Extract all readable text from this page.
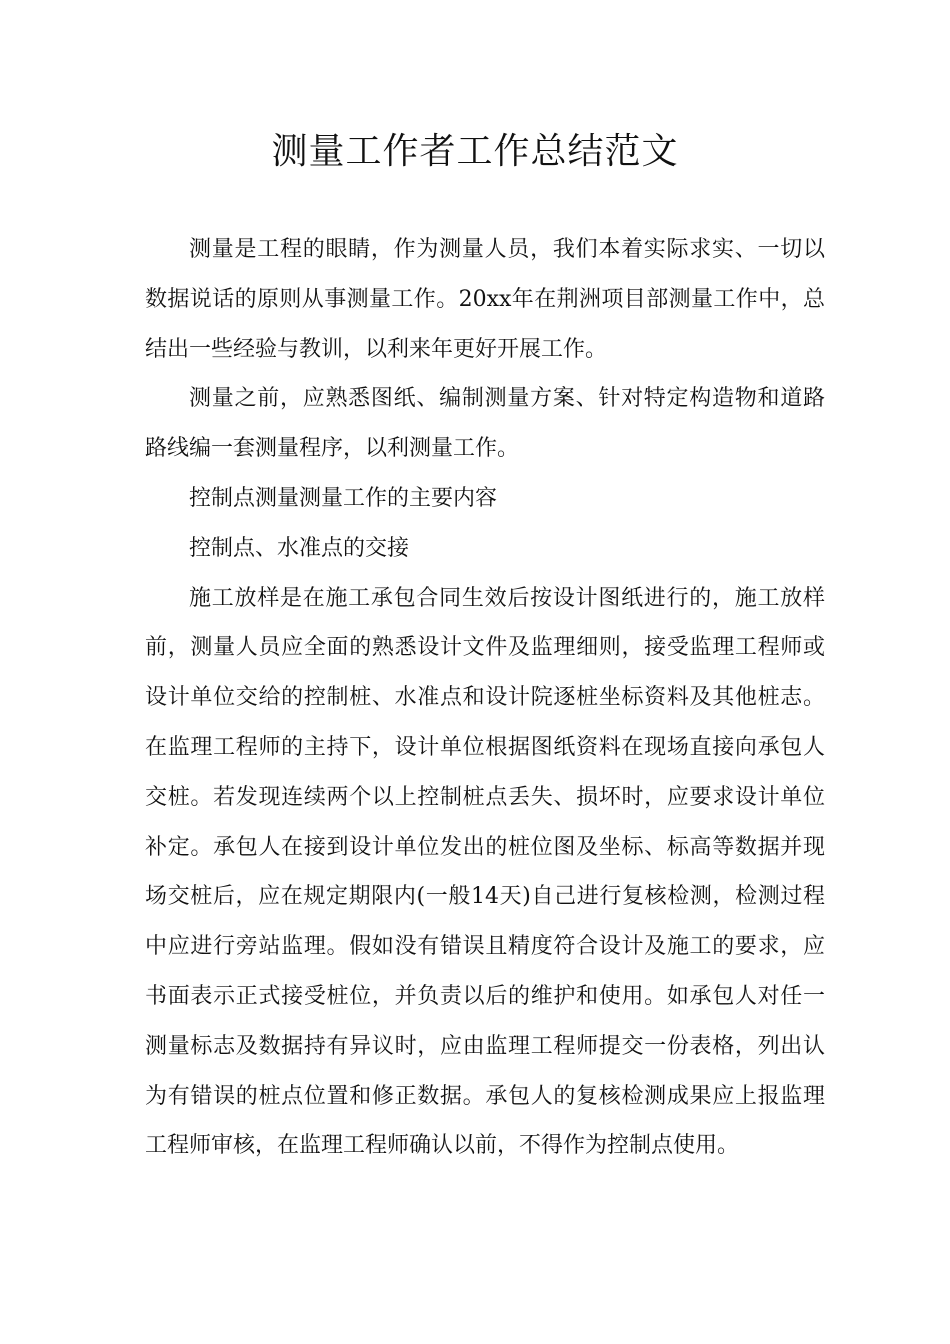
测量工作者工作总结范文

测量是工程的眼睛，作为测量人员，我们本着实际求实、一切以数据说话的原则从事测量工作。20xx年在荆洲项目部测量工作中，总结出一些经验与教训，以利来年更好开展工作。

测量之前，应熟悉图纸、编制测量方案、针对特定构造物和道路路线编一套测量程序，以利测量工作。

控制点测量测量工作的主要内容

控制点、水准点的交接

施工放样是在施工承包合同生效后按设计图纸进行的，施工放样前，测量人员应全面的熟悉设计文件及监理细则，接受监理工程师或设计单位交给的控制桩、水准点和设计院逐桩坐标资料及其他桩志。在监理工程师的主持下，设计单位根据图纸资料在现场直接向承包人交桩。若发现连续两个以上控制桩点丢失、损坏时，应要求设计单位补定。承包人在接到设计单位发出的桩位图及坐标、标高等数据并现场交桩后，应在规定期限内(一般14天)自己进行复核检测，检测过程中应进行旁站监理。假如没有错误且精度符合设计及施工的要求，应书面表示正式接受桩位，并负责以后的维护和使用。如承包人对任一测量标志及数据持有异议时，应由监理工程师提交一份表格，列出认为有错误的桩点位置和修正数据。承包人的复核检测成果应上报监理工程师审核，在监理工程师确认以前，不得作为控制点使用。
